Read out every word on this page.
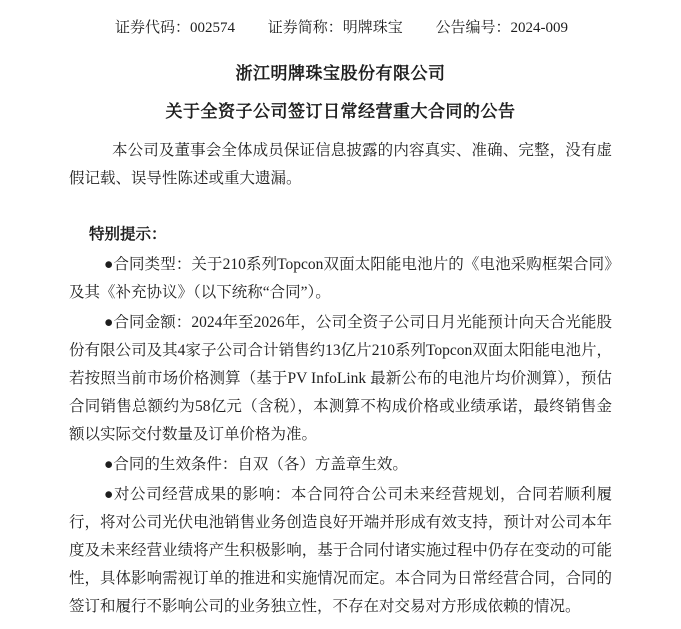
证券代码：002574 证券简称：明牌珠宝 公告编号：2024-009
浙江明牌珠宝股份有限公司
关于全资子公司签订日常经营重大合同的公告

本公司及董事会全体成员保证信息披露的内容真实、准确、完整，没有虚假记载、误导性陈述或重大遗漏。

特别提示：

●合同类型：关于210系列Topcon双面太阳能电池片的《电池采购框架合同》及其《补充协议》（以下统称“合同”）。

●合同金额：2024年至2026年，公司全资子公司日月光能预计向天合光能股份有限公司及其4家子公司合计销售约13亿片210系列Topcon双面太阳能电池片，若按照当前市场价格测算（基于PV InfoLink 最新公布的电池片均价测算），预估合同销售总额约为58亿元（含税），本测算不构成价格或业绩承诺，最终销售金额以实际交付数量及订单价格为准。

●合同的生效条件：自双（各）方盖章生效。

●对公司经营成果的影响：本合同符合公司未来经营规划，合同若顺利履行，将对公司光伏电池销售业务创造良好开端并形成有效支持，预计对公司本年度及未来经营业绩将产生积极影响，基于合同付诸实施过程中仍存在变动的可能性，具体影响需视订单的推进和实施情况而定。本合同为日常经营合同，合同的签订和履行不影响公司的业务独立性，不存在对交易对方形成依赖的情况。
